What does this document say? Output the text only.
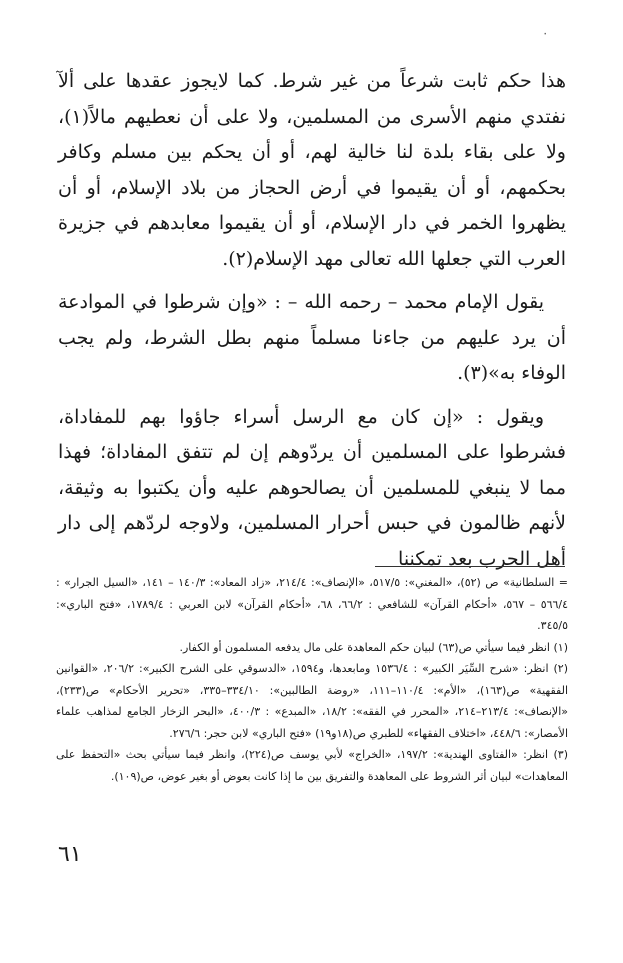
٠

هذا حكم ثابت شرعاً من غير شرط. كما لايجوز عقدها على ألآ نفتدي منهم الأسرى من المسلمين، ولا على أن نعطيهم مالاً(١)، ولا على بقاء بلدة لنا خالية لهم، أو أن يحكم بين مسلم وكافر بحكمهم، أو أن يقيموا في أرض الحجاز من بلاد الإسلام، أو أن يظهروا الخمر في دار الإسلام، أو أن يقيموا معابدهم في جزيرة العرب التي جعلها الله تعالى مهد الإسلام(٢).

يقول الإمام محمد – رحمه الله – : «وإن شرطوا في الموادعة أن يرد عليهم من جاءنا مسلماً منهم بطل الشرط، ولم يجب الوفاء به»(٣).

ويقول : «إن كان مع الرسل أسراء جاؤوا بهم للمفاداة، فشرطوا على المسلمين أن يردّوهم إن لم تتفق المفاداة؛ فهذا مما لا ينبغي للمسلمين أن يصالحوهم عليه وأن يكتبوا به وثيقة، لأنهم ظالمون في حبس أحرار المسلمين، ولاوجه لردّهم إلى دار أهل الحرب بعد تمكننا

= السلطانية» ص (٥٢)، «المغني»: ٥١٧/٥، «الإنصاف»: ٢١٤/٤، «زاد المعاد»: ١٤٠/٣ – ١٤١، «السيل الجرار» : ٥٦٦/٤ – ٥٦٧، «أحكام القرآن» للشافعي : ٦٦/٢، ٦٨، «أحكام القرآن» لابن العربي : ١٧٨٩/٤، «فتح الباري»: ٣٤٥/٥.

(١) انظر فيما سيأتي ص(٦٣) لبيان حكم المعاهدة على مال يدفعه المسلمون أو الكفار.

(٢) انظر: «شرح السِّيَر الكبير» : ١٥٣٦/٤ ومابعدها، و١٥٩٤، «الدسوقي على الشرح الكبير»: ٢٠٦/٢، «القوانين الفقهية» ص(١٦٣)، «الأم»: ١١٠/٤–١١١، «روضة الطالبين»: ٣٣٤/١٠–٣٣٥، «تحرير الأحكام» ص(٢٣٣)، «الإنصاف»: ٢١٣/٤–٢١٤، «المحرر في الفقه»: ١٨/٢، «المبدع» : ٤٠٠/٣، «البحر الزخار الجامع لمذاهب علماء الأمصار»: ٤٤٨/٦، «اختلاف الفقهاء» للطبري ص(١٨و١٩) «فتح الباري» لابن حجر: ٢٧٦/٦.

(٣) انظر: «الفتاوى الهندية»: ١٩٧/٢، «الخراج» لأبي يوسف ص(٢٢٤)، وانظر فيما سيأتي بحث «التحفظ على المعاهدات» لبيان أثر الشروط على المعاهدة والتفريق بين ما إذا كانت بعوض أو بغير عوض، ص(١٠٩).

٦١
